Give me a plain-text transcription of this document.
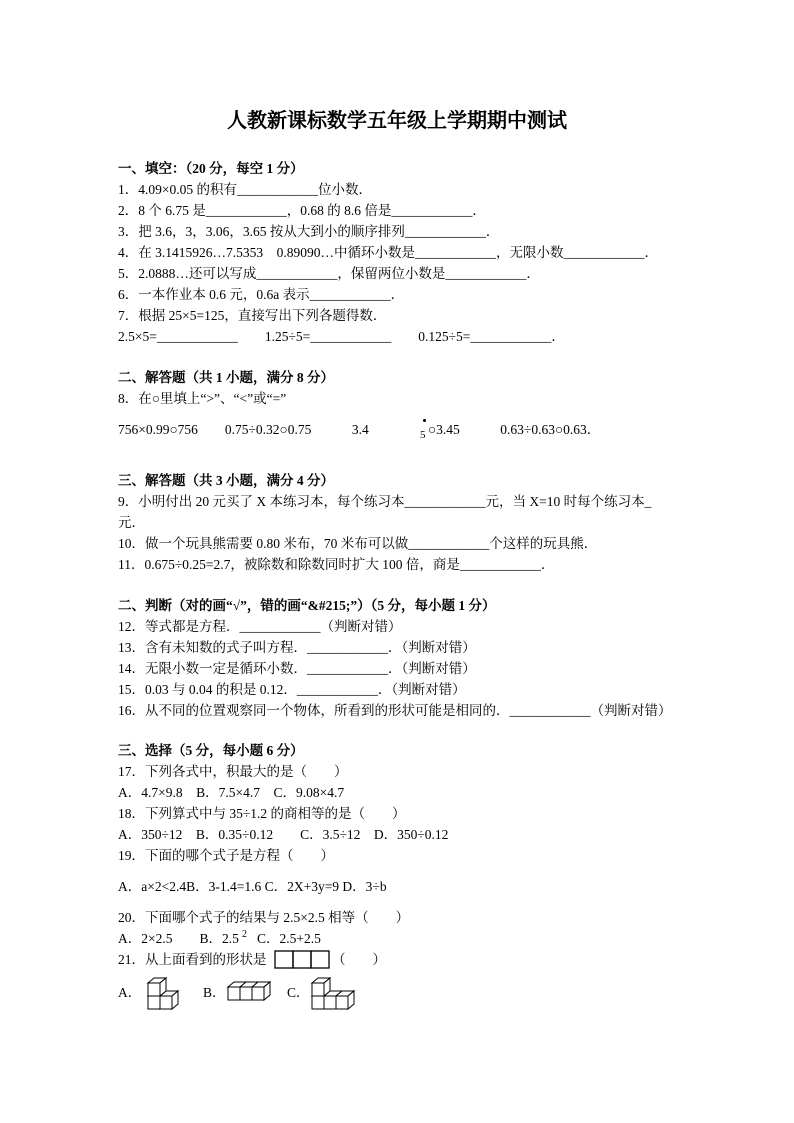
人教新课标数学五年级上学期期中测试
一、填空：（20 分，每空 1 分）
1．4.09×0.05 的积有____________位小数．
2．8 个 6.75 是____________，0.68 的 8.6 倍是____________．
3．把 3.6，3，3.06，3.65 按从大到小的顺序排列____________．
4．在 3.1415926…7.5353　0.89090…中循环小数是____________，无限小数____________．
5．2.0888…还可以写成____________，保留两位小数是____________．
6．一本作业本 0.6 元，0.6a 表示____________．
7．根据 25×5=125，直接写出下列各题得数．
2.5×5=____________　　1.25÷5=____________　　0.125÷5=____________．
二、解答题（共 1 小题，满分 8 分）
8．在○里填上“>”、“<”或“=”
756×0.99○756　　0.75÷0.32○0.75　　　3.4	5 ○3.45　　　0.63÷0.63○0.63．
三、解答题（共 3 小题，满分 4 分）
9．小明付出 20 元买了 X 本练习本，每个练习本____________元，当 X=10 时每个练习本_
元．
10．做一个玩具熊需要 0.80 米布，70 米布可以做____________个这样的玩具熊．
11．0.675÷0.25=2.7，被除数和除数同时扩大 100 倍，商是____________．
二、判断（对的画“√”，错的画“&#215;”）（5 分，每小题 1 分）
12．等式都是方程．____________（判断对错）
13．含有未知数的式子叫方程．____________．（判断对错）
14．无限小数一定是循环小数．____________．（判断对错）
15．0.03 与 0.04 的积是 0.12．____________．（判断对错）
16．从不同的位置观察同一个物体，所看到的形状可能是相同的．____________（判断对错）
三、选择（5 分，每小题 6 分）
17．下列各式中，积最大的是（　　）
A．4.7×9.8　B．7.5×4.7　C．9.08×4.7
18．下列算式中与 35÷1.2 的商相等的是（　　）
A．350÷12　B．0.35÷0.12　　C．3.5÷12　D．350÷0.12
19．下面的哪个式子是方程（　　）
A．a×2<2.4B．3-1.4=1.6 C．2X+3y=9 D．3÷b
20．下面哪个式子的结果与 2.5×2.5 相等（　　）
A．2×2.5　　B．2.5 2 C．2.5+2.5
21．从上面看到的形状是	（　　）
A．	B．	C．
